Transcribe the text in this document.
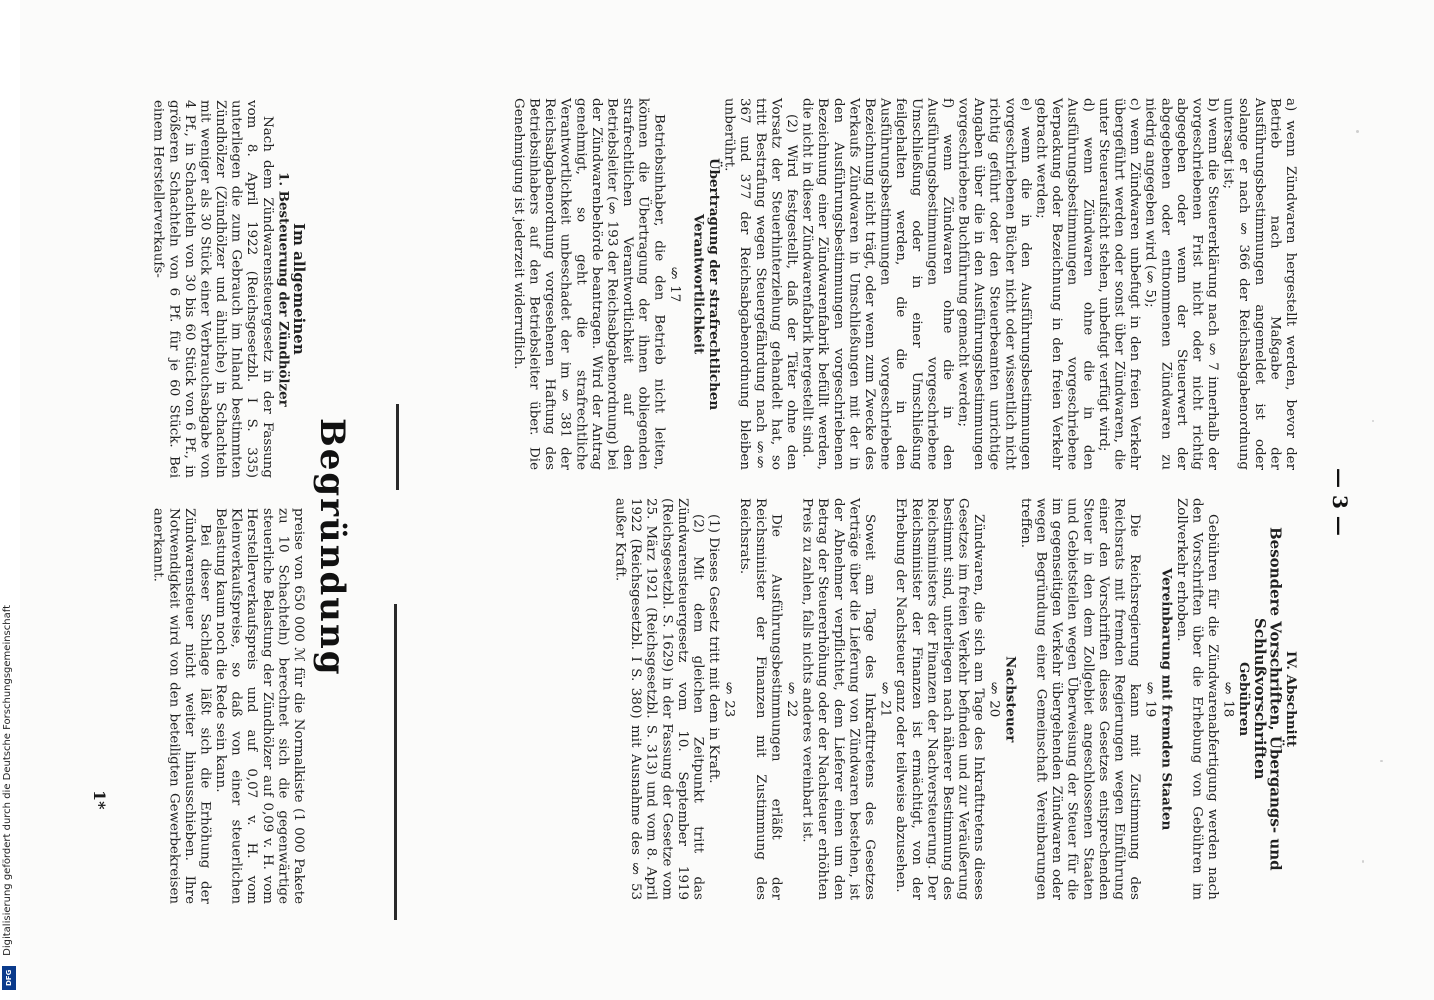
— 3 —

a) wenn Zündwaren hergestellt werden, bevor der Betrieb nach Maßgabe der Ausführungsbestimmungen angemeldet ist oder solange er nach § 366 der Reichsabgabenordnung untersagt ist;

b) wenn die Steuererklärung nach § 7 innerhalb der vorgeschriebenen Frist nicht oder nicht richtig abgegeben oder wenn der Steuerwert der abgegebenen oder entnommenen Zündwaren zu niedrig angegeben wird (§ 5);

c) wenn Zündwaren unbefugt in den freien Verkehr übergeführt werden oder sonst über Zündwaren, die unter Steueraufsicht stehen, unbefugt verfügt wird;

d) wenn Zündwaren ohne die in den Ausführungsbestimmungen vorgeschriebene Verpackung oder Bezeichnung in den freien Verkehr gebracht werden;

e) wenn die in den Ausführungsbestimmungen vorgeschriebenen Bücher nicht oder wissentlich nicht richtig geführt oder den Steuerbeamten unrichtige Angaben über die in den Ausführungsbestimmungen vorgeschriebene Buchführung gemacht werden;

f) wenn Zündwaren ohne die in den Ausführungsbestimmungen vorgeschriebene Umschließung oder in einer Umschließung feilgehalten werden, die die in den Ausführungsbestimmungen vorgeschriebene Bezeichnung nicht trägt, oder wenn zum Zwecke des Verkaufs Zündwaren in Umschließungen mit der in den Ausführungsbestimmungen vorgeschriebenen Bezeichnung einer Zündwarenfabrik befüllt werden, die nicht in dieser Zündwarenfabrik hergestellt sind.

(2) Wird festgestellt, daß der Täter ohne den Vorsatz der Steuerhinterziehung gehandelt hat, so tritt Bestrafung wegen Steuergefährdung nach §§ 367 und 377 der Reichsabgabenordnung bleiben unberührt.

Übertragung der strafrechtlichen Verantwortlichkeit

§ 17

Betriebsinhaber, die den Betrieb nicht leiten, können die Übertragung der ihnen obliegenden strafrechtlichen Verantwortlichkeit auf den Betriebsleiter (§ 193 der Reichsabgabenordnung) bei der Zündwarenbehörde beantragen. Wird der Antrag genehmigt, so geht die strafrechtliche Verantwortlichkeit unbeschadet der im § 381 der Reichsabgabenordnung vorgesehenen Haftung des Betriebsinhabers auf den Betriebsleiter über. Die Genehmigung ist jederzeit widerruflich.

IV. Abschnitt

Besondere Vorschriften, Übergangs- und Schlußvorschriften

Gebühren

§ 18

Gebühren für die Zündwarenabfertigung werden nach den Vorschriften über die Erhebung von Gebühren im Zollverkehr erhoben.

Vereinbarung mit fremden Staaten

§ 19

Die Reichsregierung kann mit Zustimmung des Reichsrats mit fremden Regierungen wegen Einführung einer den Vorschriften dieses Gesetzes entsprechenden Steuer in den dem Zollgebiet angeschlossenen Staaten und Gebietsteilen wegen Überweisung der Steuer für die im gegenseitigen Verkehr übergehenden Zündwaren oder wegen Begründung einer Gemeinschaft Vereinbarungen treffen.

Nachsteuer

§ 20

Zündwaren, die sich am Tage des Inkrafttretens dieses Gesetzes im freien Verkehr befinden und zur Veräußerung bestimmt sind, unterliegen nach näherer Bestimmung des Reichsministers der Finanzen der Nachversteuerung. Der Reichsminister der Finanzen ist ermächtigt, von der Erhebung der Nachsteuer ganz oder teilweise abzusehen.

§ 21

Soweit am Tage des Inkrafttretens des Gesetzes Verträge über die Lieferung von Zündwaren bestehen, ist der Abnehmer verpflichtet, dem Lieferer einen um den Betrag der Steuererhöhung oder der Nachsteuer erhöhten Preis zu zahlen, falls nichts anderes vereinbart ist.

§ 22

Die Ausführungsbestimmungen erläßt der Reichsminister der Finanzen mit Zustimmung des Reichsrats.

§ 23

(1) Dieses Gesetz tritt mit dem in Kraft.

(2) Mit dem gleichen Zeitpunkt tritt das Zündwarensteuergesetz vom 10. September 1919 (Reichsgesetzbl. S. 1629) in der Fassung der Gesetze vom 25. März 1921 (Reichsgesetzbl. S. 313) und vom 8. April 1922 (Reichsgesetzbl. I S. 380) mit Ausnahme des § 53 außer Kraft.

Begründung

Im allgemeinen

1. Besteuerung der Zündhölzer

Nach dem Zündwarensteuergesetz in der Fassung vom 8. April 1922 (Reichsgesetzbl. I S. 335) unterliegen die zum Gebrauch im Inland bestimmten Zündhölzer (Zündhölzer und ähnliche) in Schachteln mit weniger als 30 Stück einer Verbrauchsabgabe von 4 Pf., in Schachteln von 30 bis 60 Stück von 6 Pf., in größeren Schachteln von 6 Pf. für je 60 Stück. Bei einem Herstellerverkaufs-

preise von 650 000 ℳ für die Normalkiste (1 000 Pakete zu 10 Schachteln) berechnet sich die gegenwärtige steuerliche Belastung der Zündhölzer auf 0,09 v. H. vom Herstellerverkaufspreis und auf 0,07 v. H. vom Kleinverkaufspreise, so daß von einer steuerlichen Belastung kaum noch die Rede sein kann.

Bei dieser Sachlage läßt sich die Erhöhung der Zündwarensteuer nicht weiter hinausschieben. Ihre Notwendigkeit wird von den beteiligten Gewerbekreisen anerkannt.

1*
Digitalisierung gefördert durch die Deutsche Forschungsgemeinschaft
DFG
